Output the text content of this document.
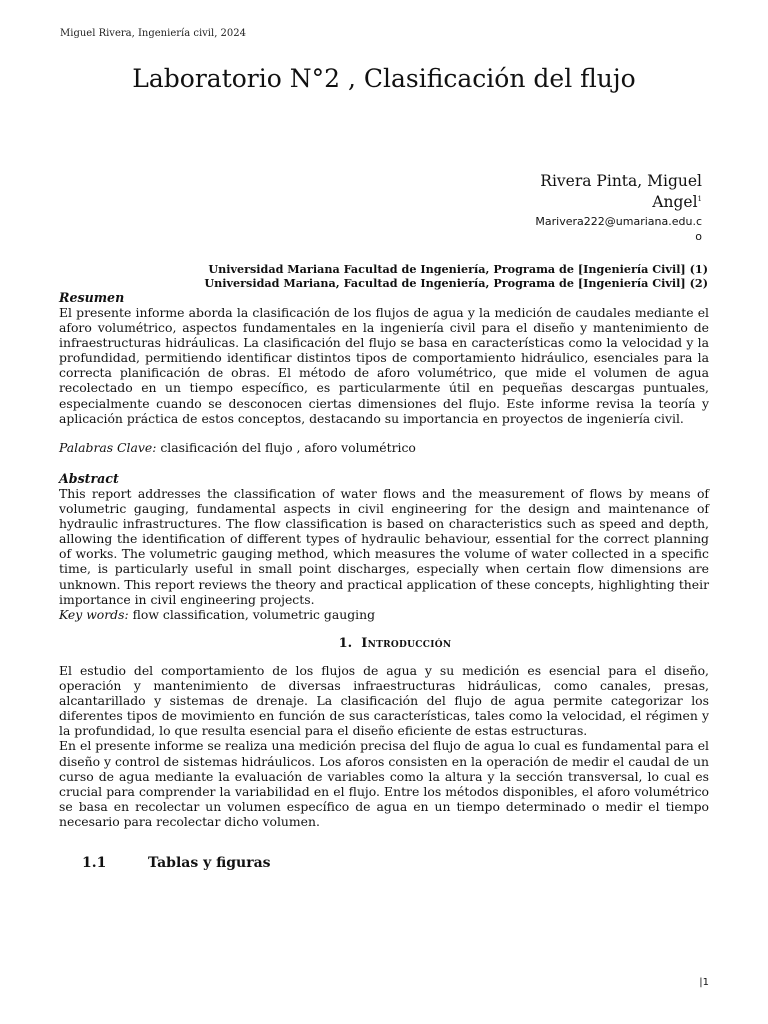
Miguel Rivera, Ingeniería civil, 2024
Laboratorio N°2 , Clasificación del flujo
Rivera Pinta, Miguel Angel$^1$
Marivera222@umariana.edu.co
Universidad Mariana Facultad de Ingeniería, Programa de [Ingeniería Civil] (1)
Universidad Mariana, Facultad de Ingeniería, Programa de [Ingeniería Civil] (2)
Resumen

El presente informe aborda la clasificación de los flujos de agua y la medición de caudales mediante el aforo volumétrico, aspectos fundamentales en la ingeniería civil para el diseño y mantenimiento de infraestructuras hidráulicas. La clasificación del flujo se basa en características como la velocidad y la profundidad, permitiendo identificar distintos tipos de comportamiento hidráulico, esenciales para la correcta planificación de obras. El método de aforo volumétrico, que mide el volumen de agua recolectado en un tiempo específico, es particularmente útil en pequeñas descargas puntuales, especialmente cuando se desconocen ciertas dimensiones del flujo. Este informe revisa la teoría y aplicación práctica de estos conceptos, destacando su importancia en proyectos de ingeniería civil.

Palabras Clave: clasificación del flujo , aforo volumétrico

Abstract

This report addresses the classification of water flows and the measurement of flows by means of volumetric gauging, fundamental aspects in civil engineering for the design and maintenance of hydraulic infrastructures. The flow classification is based on characteristics such as speed and depth, allowing the identification of different types of hydraulic behaviour, essential for the correct planning of works. The volumetric gauging method, which measures the volume of water collected in a specific time, is particularly useful in small point discharges, especially when certain flow dimensions are unknown. This report reviews the theory and practical application of these concepts, highlighting their importance in civil engineering projects.

Key words: flow classification, volumetric gauging

1. Introducción

El estudio del comportamiento de los flujos de agua y su medición es esencial para el diseño, operación y mantenimiento de diversas infraestructuras hidráulicas, como canales, presas, alcantarillado y sistemas de drenaje. La clasificación del flujo de agua permite categorizar los diferentes tipos de movimiento en función de sus características, tales como la velocidad, el régimen y la profundidad, lo que resulta esencial para el diseño eficiente de estas estructuras.

En el presente informe se realiza una medición precisa del flujo de agua lo cual es fundamental para el diseño y control de sistemas hidráulicos. Los aforos consisten en la operación de medir el caudal de un curso de agua mediante la evaluación de variables como la altura y la sección transversal, lo cual es crucial para comprender la variabilidad en el flujo. Entre los métodos disponibles, el aforo volumétrico se basa en recolectar un volumen específico de agua en un tiempo determinado o medir el tiempo necesario para recolectar dicho volumen.

1.1	Tablas y figuras
|1
